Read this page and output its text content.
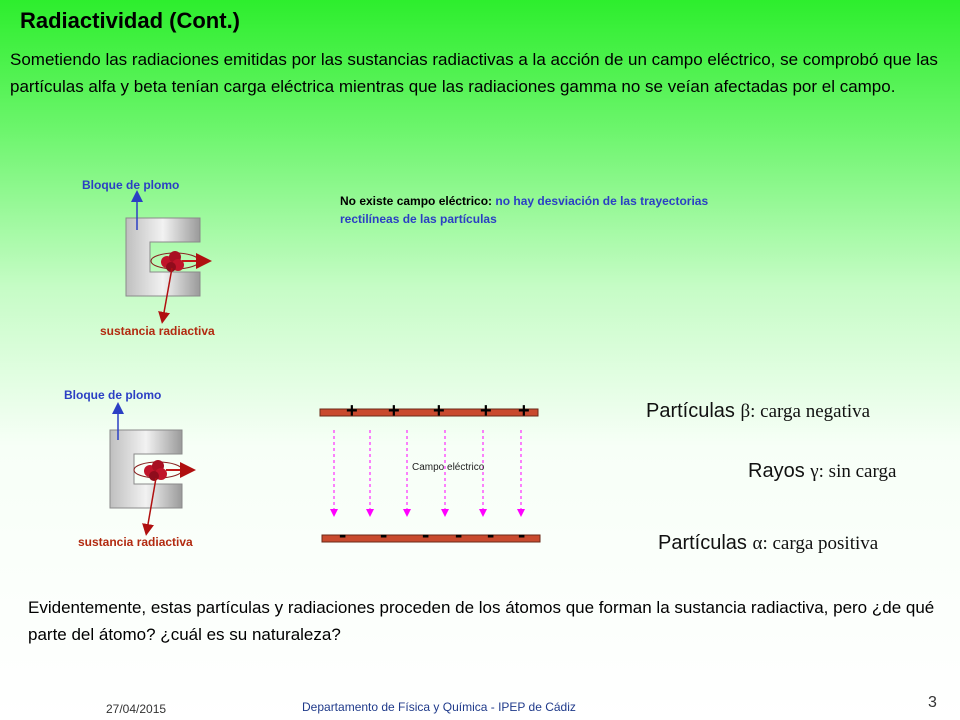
Radiactividad (Cont.)
Sometiendo las radiaciones emitidas por las sustancias radiactivas a la acción de un campo eléctrico, se comprobó que las partículas alfa y beta tenían carga eléctrica mientras que las radiaciones gamma no se veían afectadas por el campo.
+ + + + +
- - - - - -
Bloque de plomo
sustancia radiactiva
No existe campo eléctrico: no hay desviación de las trayectorias rectilíneas de las partículas
Bloque de plomo
sustancia radiactiva
Campo eléctrico
Partículas β: carga negativa
Rayos γ: sin carga
Partículas α: carga positiva
Evidentemente, estas partículas y radiaciones proceden de los átomos que forman la sustancia radiactiva, pero ¿de qué parte del átomo? ¿cuál es su naturaleza?
27/04/2015	Departamento de Física y Química - IPEP de Cádiz	3
